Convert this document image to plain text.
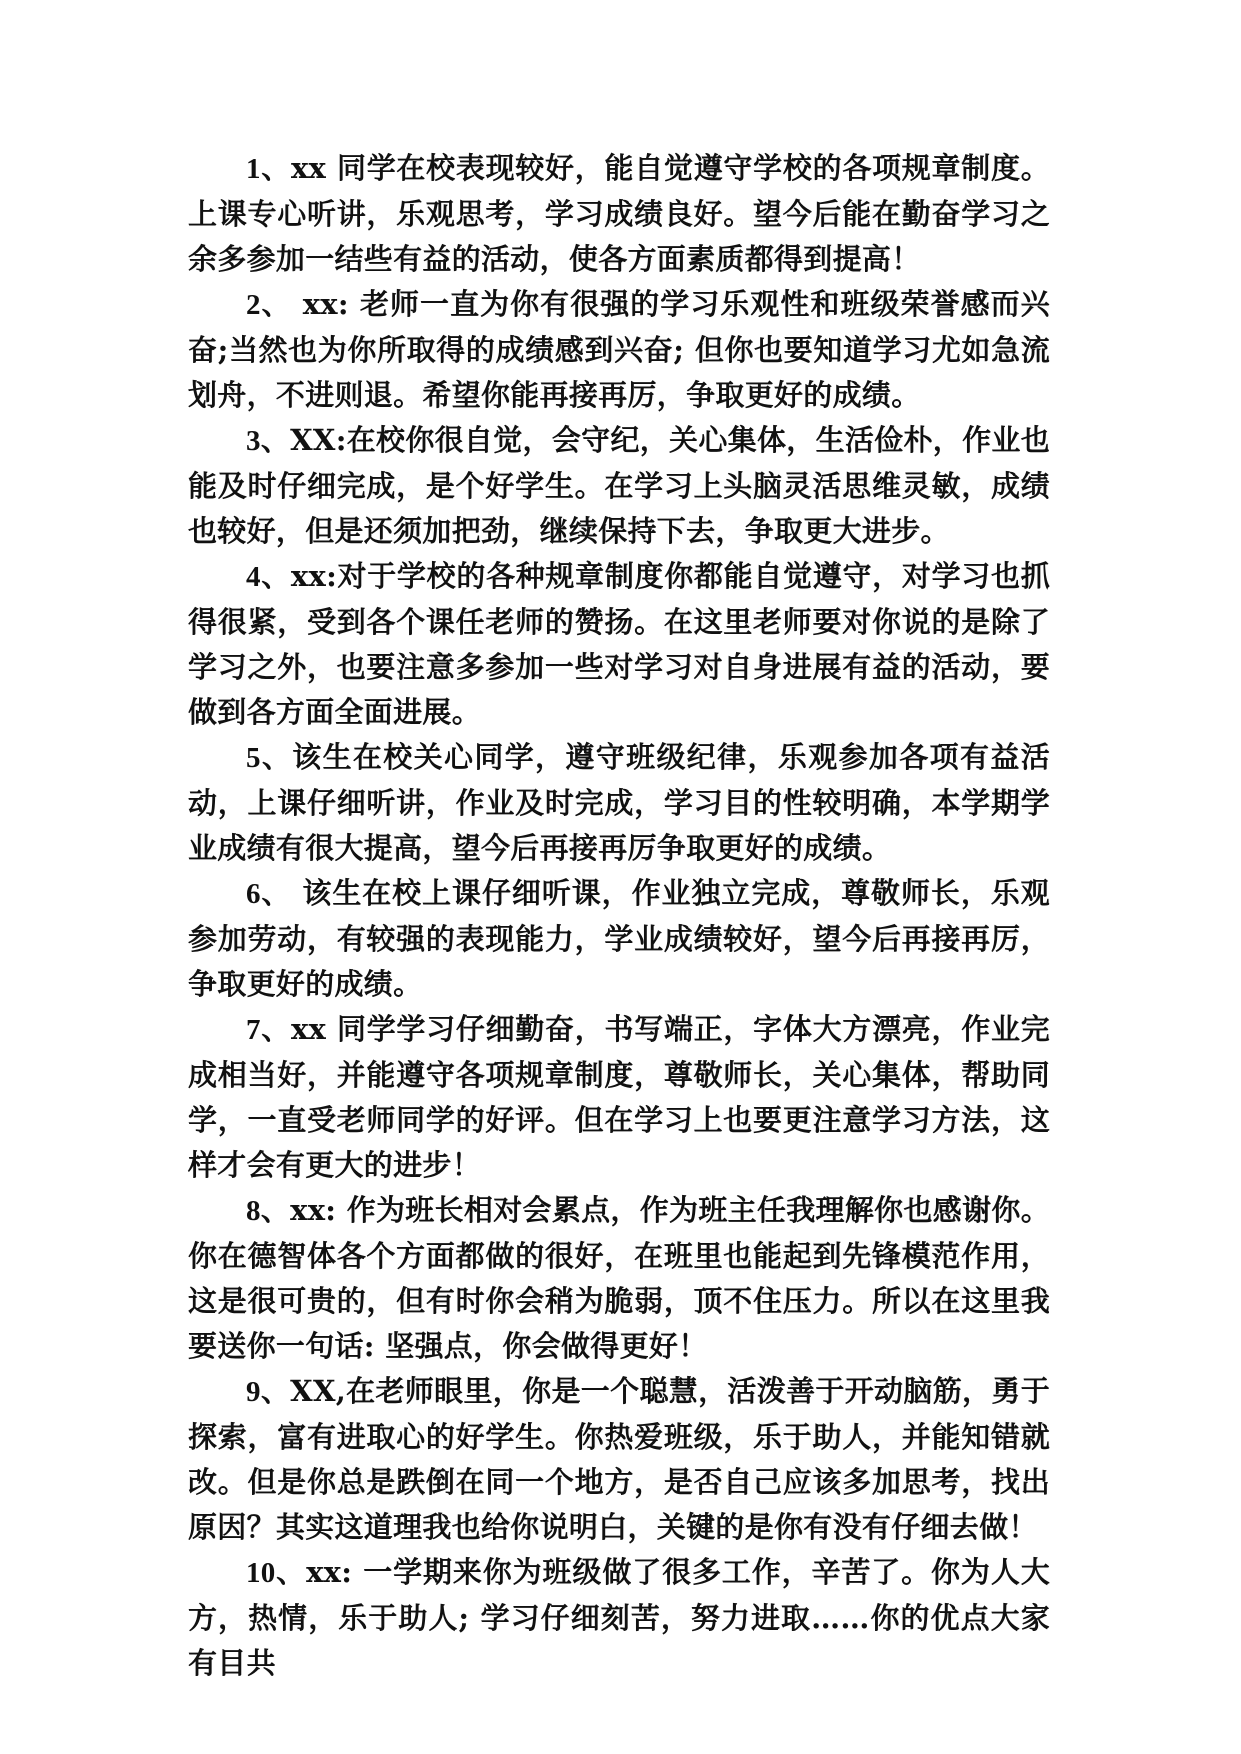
1、xx 同学在校表现较好，能自觉遵守学校的各项规章制度。上课专心听讲，乐观思考，学习成绩良好。望今后能在勤奋学习之余多参加一结些有益的活动，使各方面素质都得到提高！

2、 xx: 老师一直为你有很强的学习乐观性和班级荣誉感而兴奋;当然也为你所取得的成绩感到兴奋; 但你也要知道学习尤如急流划舟，不进则退。希望你能再接再厉，争取更好的成绩。

3、XX:在校你很自觉，会守纪，关心集体，生活俭朴，作业也能及时仔细完成，是个好学生。在学习上头脑灵活思维灵敏，成绩也较好，但是还须加把劲，继续保持下去，争取更大进步。

4、xx:对于学校的各种规章制度你都能自觉遵守，对学习也抓得很紧，受到各个课任老师的赞扬。在这里老师要对你说的是除了学习之外，也要注意多参加一些对学习对自身进展有益的活动，要做到各方面全面进展。

5、该生在校关心同学，遵守班级纪律，乐观参加各项有益活动，上课仔细听讲，作业及时完成，学习目的性较明确，本学期学业成绩有很大提高，望今后再接再厉争取更好的成绩。

6、 该生在校上课仔细听课，作业独立完成，尊敬师长，乐观参加劳动，有较强的表现能力，学业成绩较好，望今后再接再厉，争取更好的成绩。

7、xx 同学学习仔细勤奋，书写端正，字体大方漂亮，作业完成相当好，并能遵守各项规章制度，尊敬师长，关心集体，帮助同学，一直受老师同学的好评。但在学习上也要更注意学习方法，这样才会有更大的进步！

8、xx: 作为班长相对会累点，作为班主任我理解你也感谢你。你在德智体各个方面都做的很好，在班里也能起到先锋模范作用，这是很可贵的，但有时你会稍为脆弱，顶不住压力。所以在这里我要送你一句话: 坚强点，你会做得更好！

9、XX,在老师眼里，你是一个聪慧，活泼善于开动脑筋，勇于探索，富有进取心的好学生。你热爱班级，乐于助人，并能知错就改。但是你总是跌倒在同一个地方，是否自己应该多加思考，找出原因？其实这道理我也给你说明白，关键的是你有没有仔细去做！

10、xx: 一学期来你为班级做了很多工作，辛苦了。你为人大方，热情，乐于助人; 学习仔细刻苦，努力进取……你的优点大家有目共
